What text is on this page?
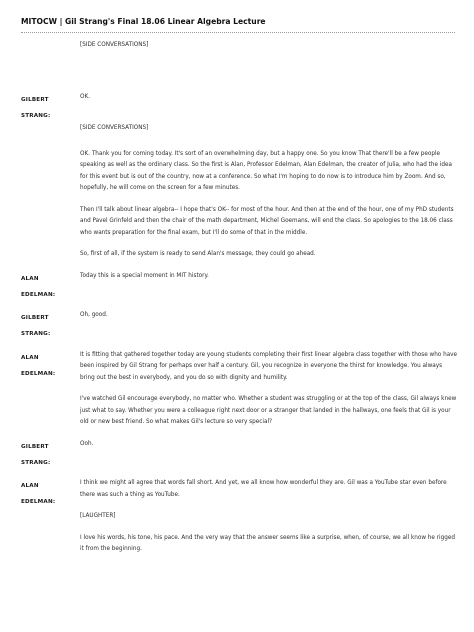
MITOCW | Gil Strang's Final 18.06 Linear Algebra Lecture

[SIDE CONVERSATIONS]

GILBERT STRANG:

OK.

[SIDE CONVERSATIONS]

OK. Thank you for coming today. It's sort of an overwhelming day, but a happy one. So you know That there'll be a few people speaking as well as the ordinary class. So the first is Alan, Professor Edelman, Alan Edelman, the creator of Julia, who had the idea for this event but is out of the country, now at a conference. So what I'm hoping to do now is to introduce him by Zoom. And so, hopefully, he will come on the screen for a few minutes.

Then I'll talk about linear algebra-- I hope that's OK-- for most of the hour. And then at the end of the hour, one of my PhD students and Pavel Grinfeld and then the chair of the math department, Michel Goemans, will end the class. So apologies to the 18.06 class who wants preparation for the final exam, but I'll do some of that in the middle.

So, first of all, if the system is ready to send Alan's message, they could go ahead.

ALAN EDELMAN:

Today this is a special moment in MIT history.

GILBERT STRANG:

Oh, good.

ALAN EDELMAN:

It is fitting that gathered together today are young students completing their first linear algebra class together with those who have been inspired by Gil Strang for perhaps over half a century. Gil, you recognize in everyone the thirst for knowledge. You always bring out the best in everybody, and you do so with dignity and humility.

I've watched Gil encourage everybody, no matter who. Whether a student was struggling or at the top of the class, Gil always knew just what to say. Whether you were a colleague right next door or a stranger that landed in the hallways, one feels that Gil is your old or new best friend. So what makes Gil's lecture so very special?

GILBERT STRANG:

Ooh.

ALAN EDELMAN:

I think we might all agree that words fall short. And yet, we all know how wonderful they are. Gil was a YouTube star even before there was such a thing as YouTube.

[LAUGHTER]

I love his words, his tone, his pace. And the very way that the answer seems like a surprise, when, of course, we all know he rigged it from the beginning.
